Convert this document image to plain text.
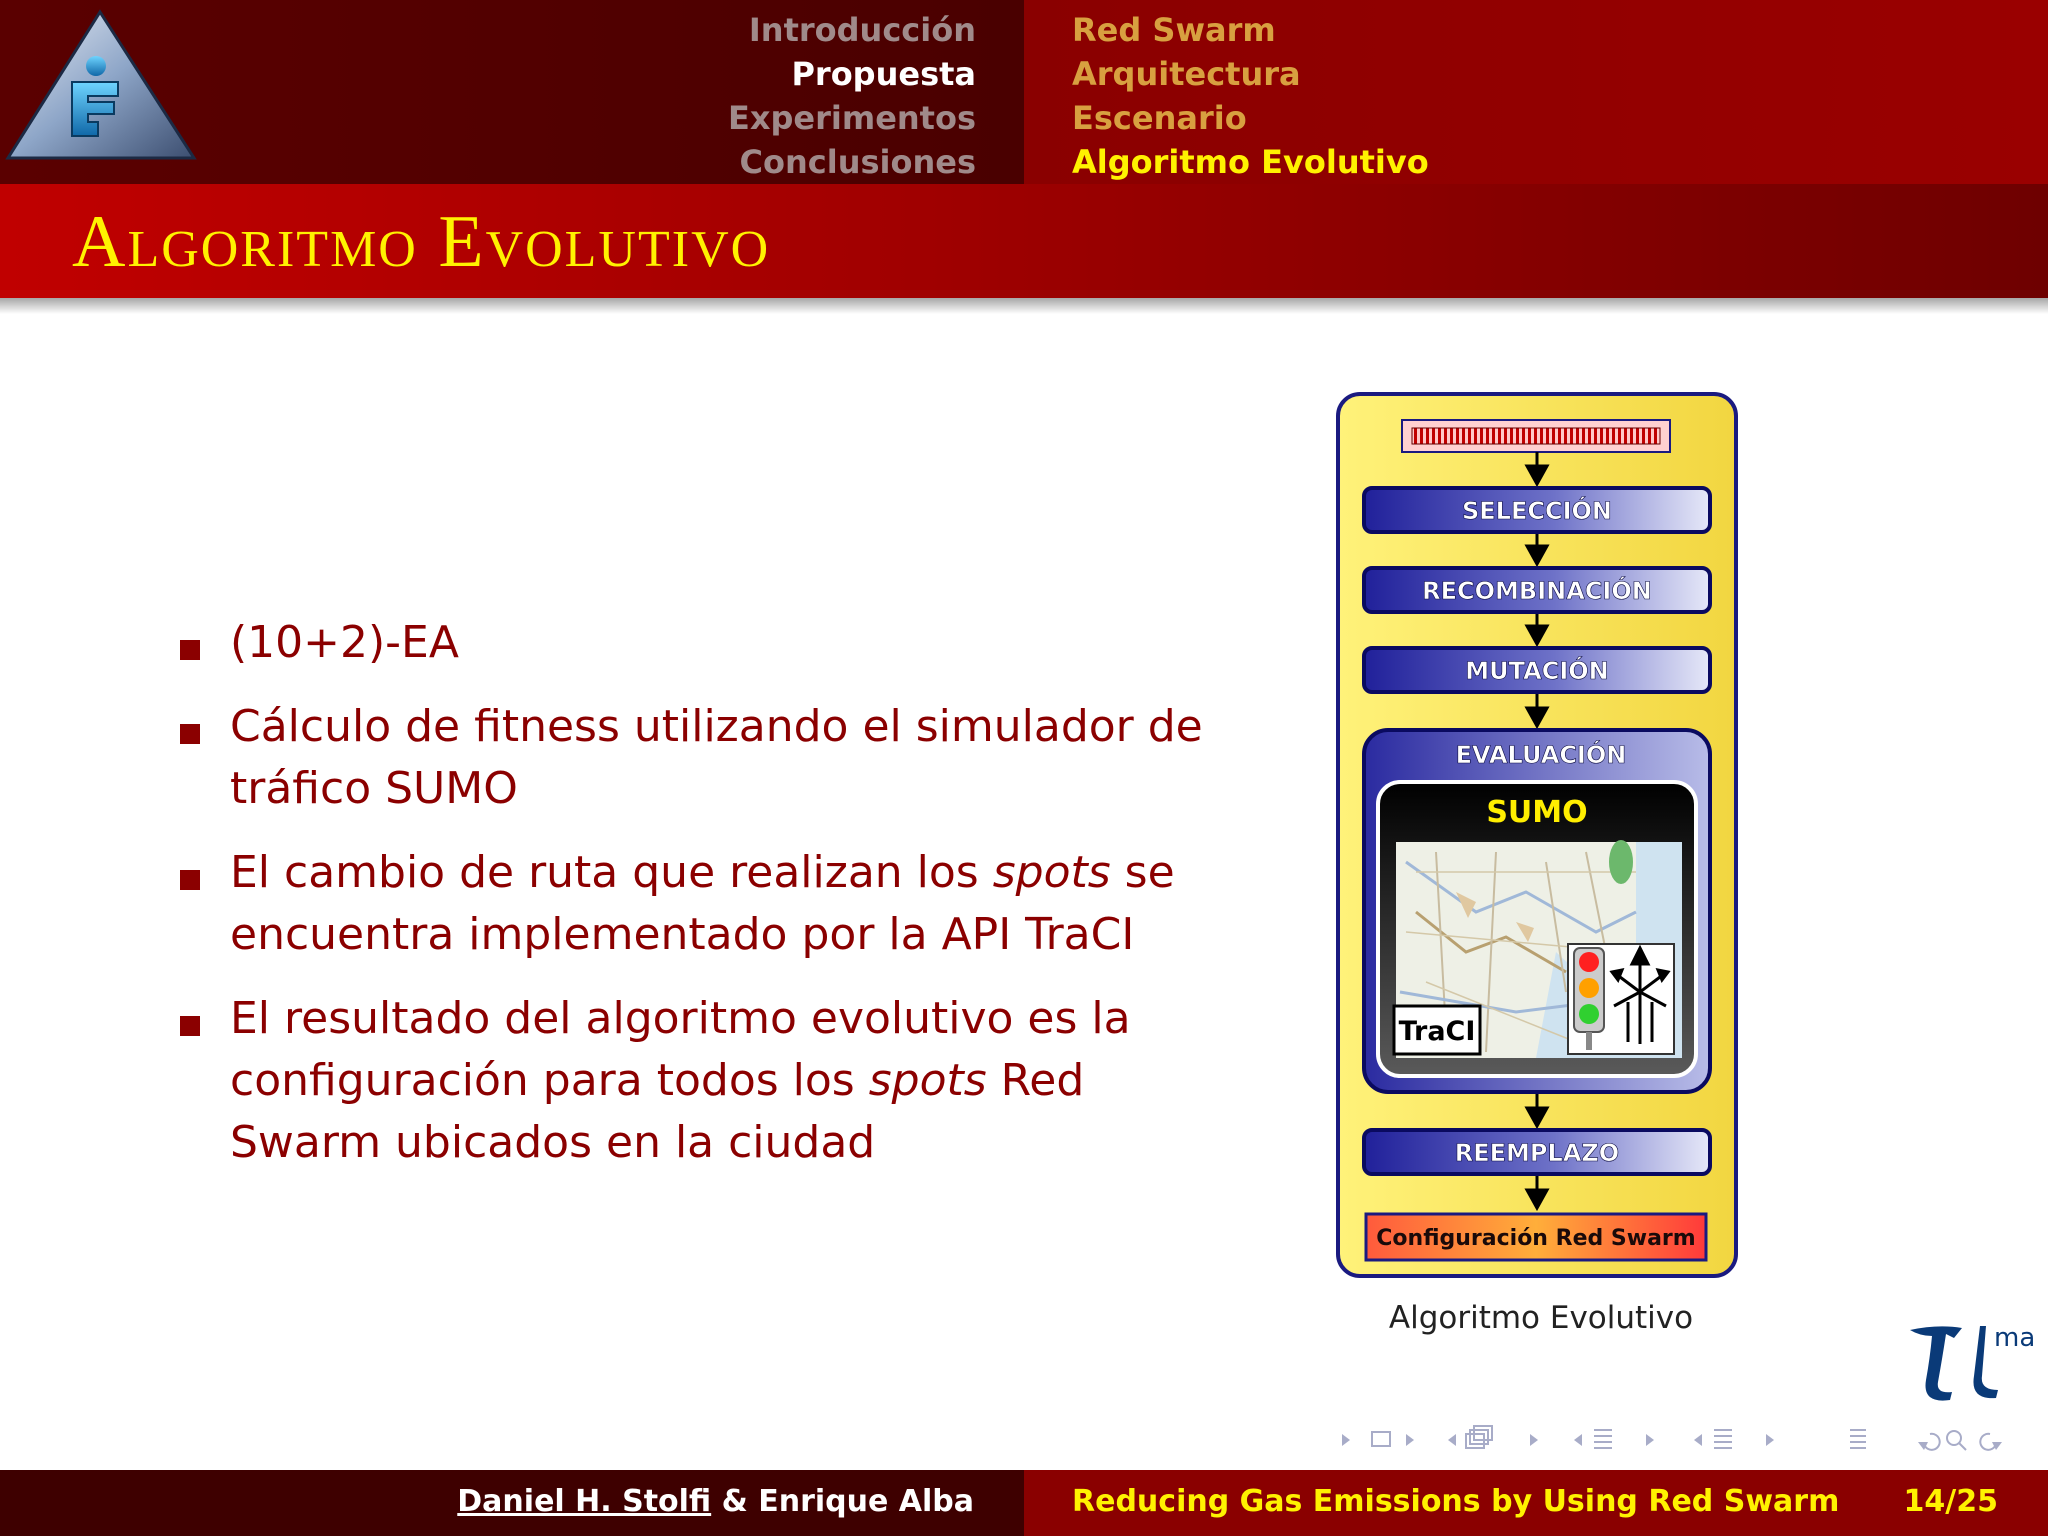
Introducción
Propuesta
Experimentos
Conclusiones
Red Swarm
Arquitectura
Escenario
Algoritmo Evolutivo
Algoritmo Evolutivo
(10+2)-EA
Cálculo de fitness utilizando el simulador de tráfico SUMO
El cambio de ruta que realizan los spots se encuentra implementado por la API TraCI
El resultado del algoritmo evolutivo es la configuración para todos los spots Red Swarm ubicados en la ciudad
SELECCIÓN
RECOMBINACIÓN
MUTACIÓN
EVALUACIÓN
SUMO
TraCI
REEMPLAZO
Configuración Red Swarm
Algoritmo Evolutivo
ma
Daniel H. Stolfi & Enrique Alba	Reducing Gas Emissions by Using Red Swarm 14/25
